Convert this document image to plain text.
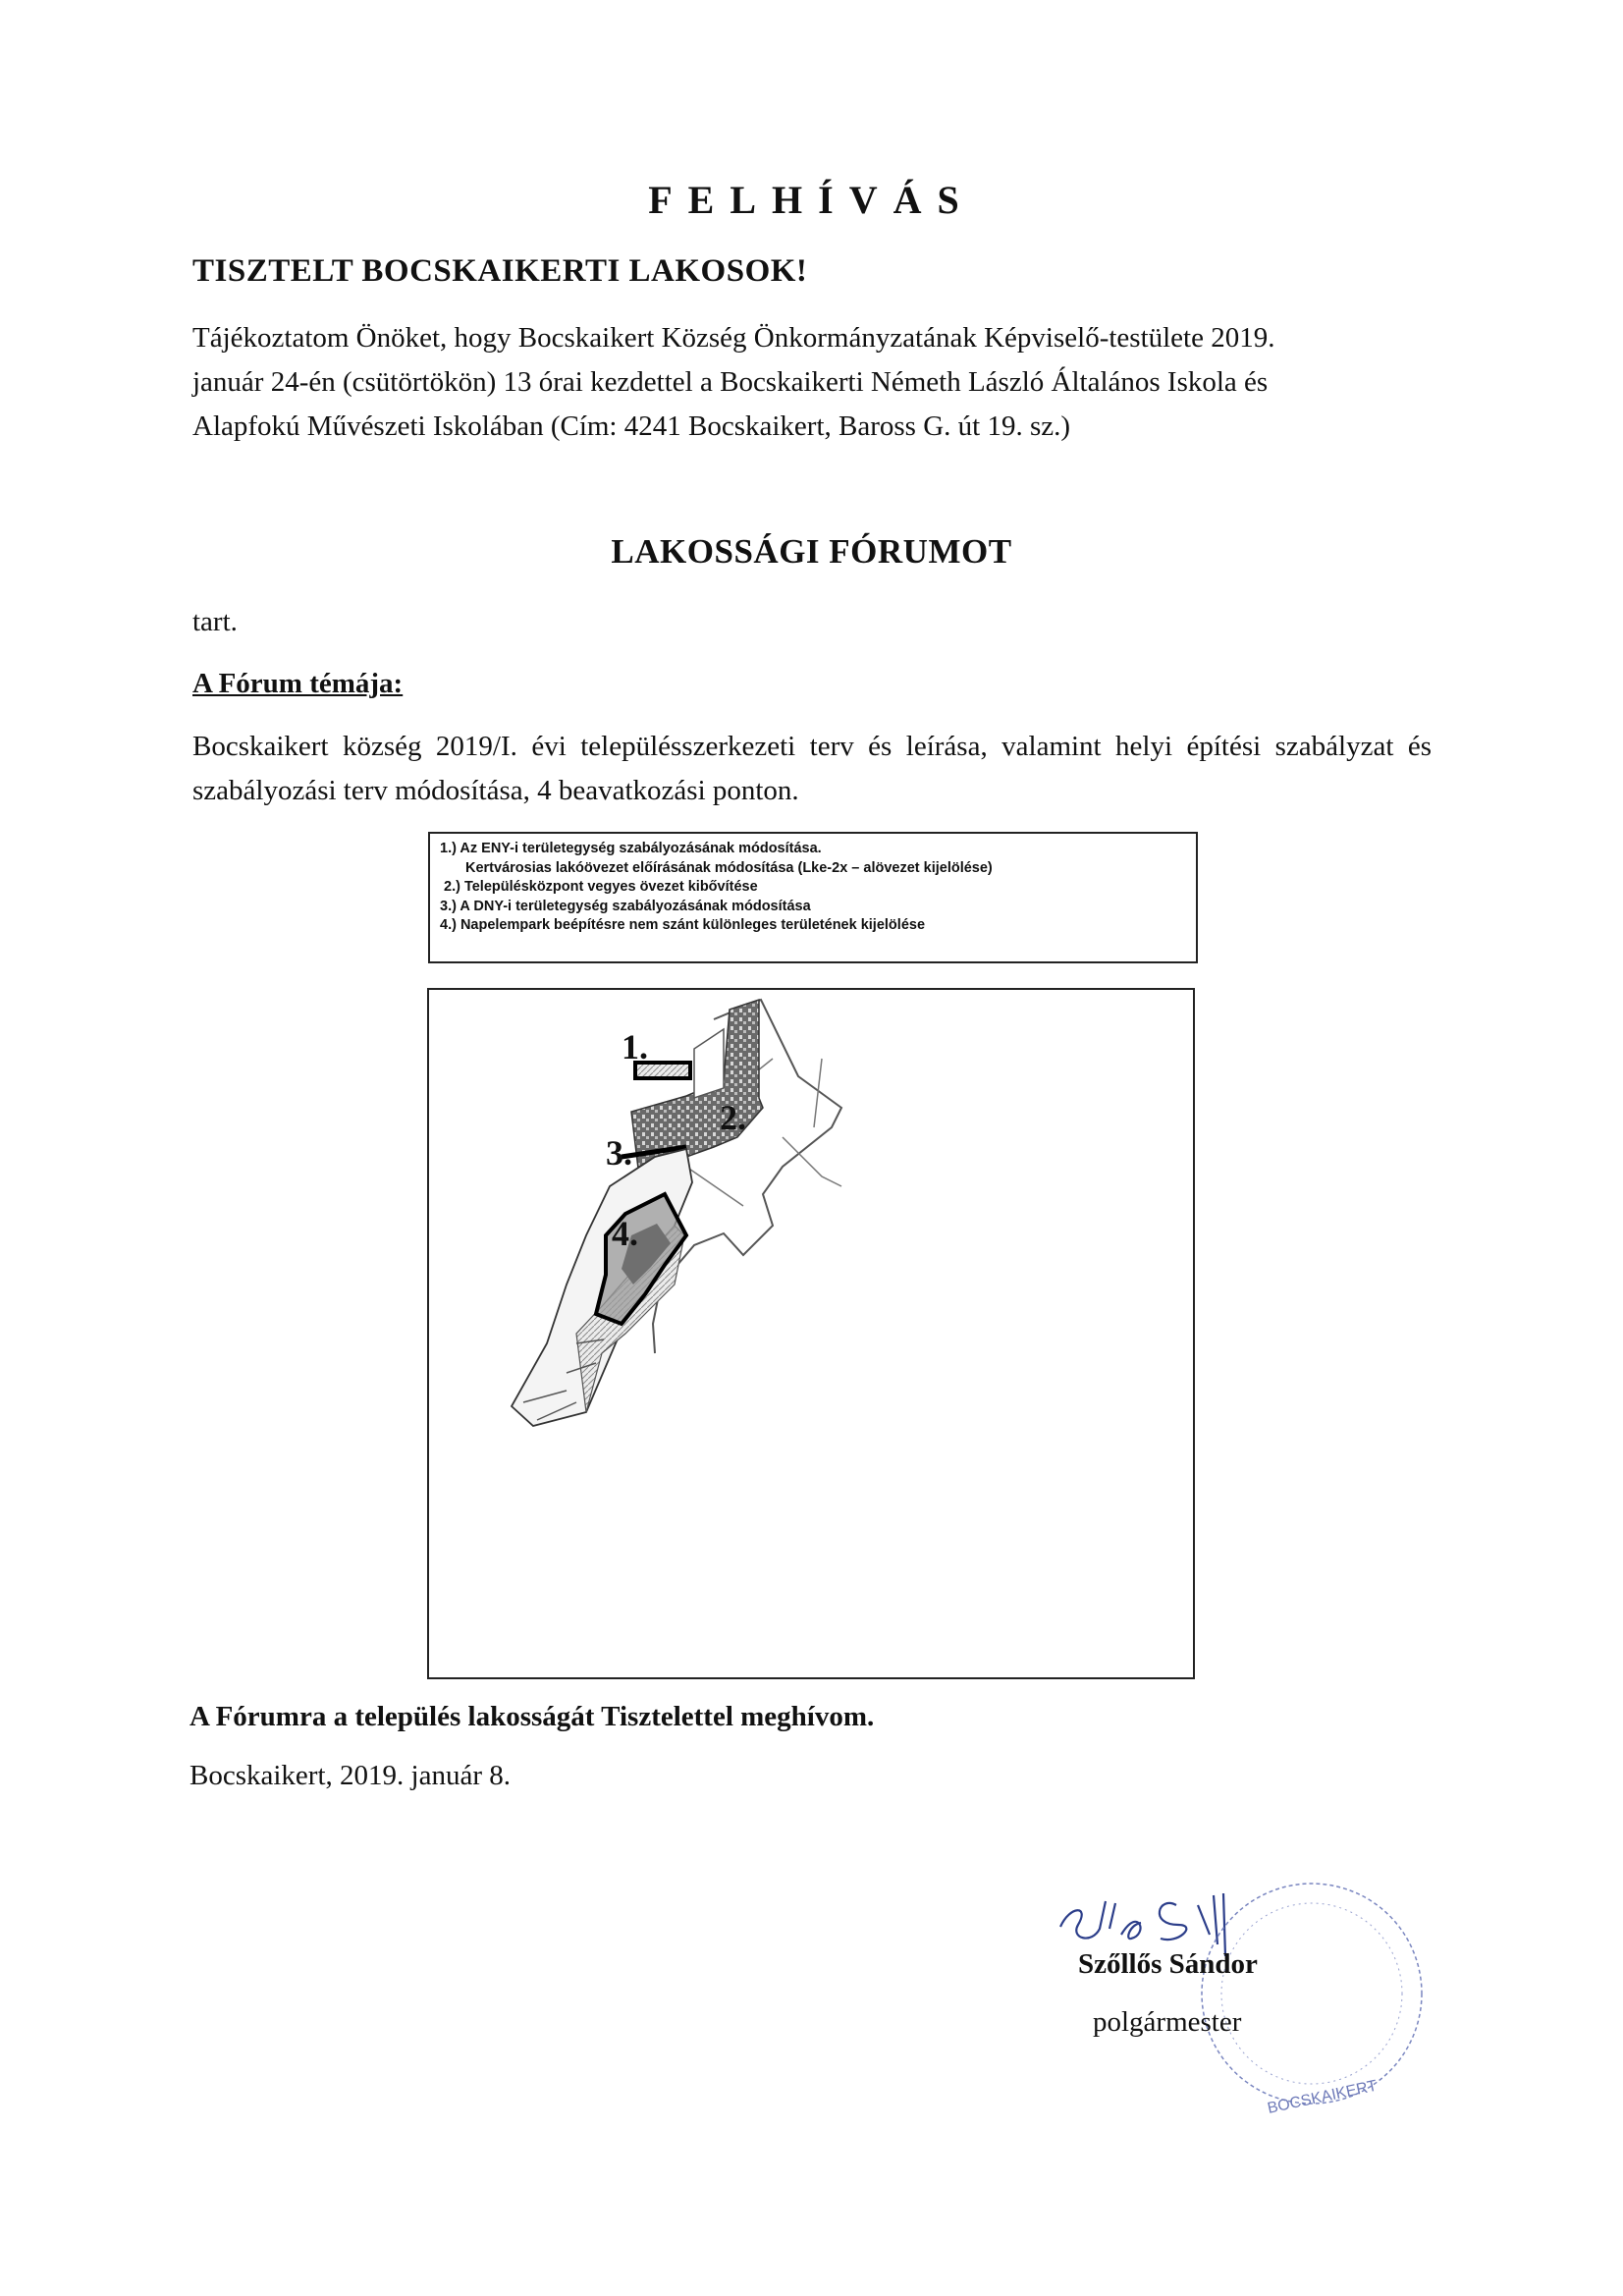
FELHÍVÁS
TISZTELT BOCSKAIKERTI LAKOSOK!
Tájékoztatom Önöket, hogy Bocskaikert Község Önkormányzatának Képviselő-testülete 2019.
január 24-én (csütörtökön) 13 órai kezdettel a Bocskaikerti Németh László Általános Iskola és
Alapfokú Művészeti Iskolában (Cím: 4241 Bocskaikert, Baross G. út 19. sz.)
LAKOSSÁGI FÓRUMOT
tart.
A Fórum témája:
Bocskaikert község 2019/I. évi településszerkezeti terv és leírása, valamint helyi építési szabályzat és szabályozási terv módosítása, 4 beavatkozási ponton.
1.) Az ENY-i területegység szabályozásának módosítása.
Kertvárosias lakóövezet előírásának módosítása (Lke-2x – alövezet kijelölése)
2.) Településközpont vegyes övezet kibővítése
3.) A DNY-i területegység szabályozásának módosítása
4.) Napelempark beépítésre nem szánt különleges területének kijelölése
1.
2.
3.
4.
A Fórumra a település lakosságát Tisztelettel meghívom.
Bocskaikert, 2019. január 8.
BOCSKAIKERT
Szőllős Sándor
polgármester
